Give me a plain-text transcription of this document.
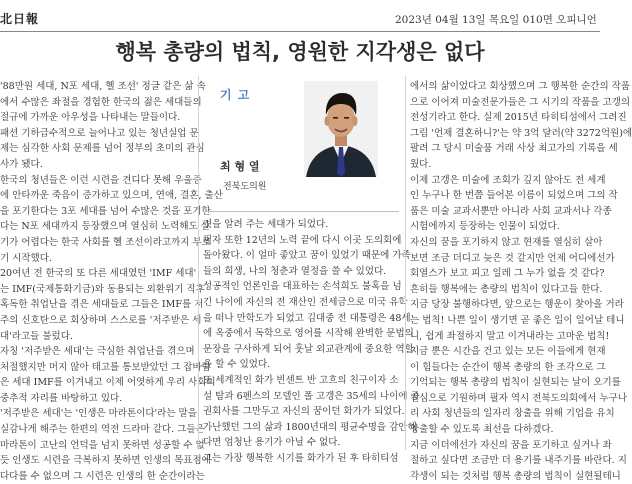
北日報	2023년 04월 13일 목요일 010면 오피니언
행복 총량의 법칙, 영원한 지각생은 없다

'88만원 세대, N포 세대, 헬 조선' 정글 같은 삶 속

에서 수많은 좌절을 경험한 한국의 젊은 세대들의

절규에 가까운 아우성을 나타내는 말들이다.

패션 기하급수적으로 늘어나고 있는 청년실업 문

제는 심각한 사회 문제를 넘어 정부의 초미의 관심

사가 됐다.

한국의 청년들은 이런 시련을 견디다 못해 우울증

에 안타까운 죽음이 증가하고 있으며, 연애, 결혼, 출산

을 포기한다는 3포 세대를 넘어 수많은 것을 포기한

다는 N포 세대까지 등장했으며 열심히 노력해도 살

기가 어렵다는 한국 사회를 헬 조선이라고까지 부르

기 시작했다.

20여년 전 한국의 또 다른 세대였던 'IMF 세대'

는 IMF(국제통화기금)와 동용되는 외환위기 직후

혹독한 취업난을 겪은 세대들로 그들은 IMF를 저

주의 신호탄으로 회상하며 스스로를 '저주받은 세

대'라고들 불렀다.

자칭 '저주받은 세대'는 극심한 취업난을 겪으며

처절했지만 머지 않아 태고를 통보받았던 그 잡바랍

은 세대 IMF를 이겨내고 이제 어엿하게 우리 사회의

중추적 자리를 바탕하고 있다.

'저주받은 세대'는 '인생은 마라톤이다'라는 말을

실감나게 해주는 한편의 역전 드라마 같다. 그들은

마라톤이 고난의 언덕을 넘지 못하면 성공할 수 없

듯 인생도 시련을 극복하지 못하면 인생의 목표점에

다다를 수 없으며 그 시련은 인생의 한 순간이라는

기 고
최 형 열
전북도의원

것을 알려 주는 세대가 되었다.

필자 또한 12년의 노력 끝에 다시 이곳 도의회에

돌아왔다. 이 얼마 좋았고 꿈이 있었기 때문에 가족

들의 희생, 나의 청춘과 열정을 쓸 수 있었다.

성공적인 언론인을 대표하는 손석희도 불혹을 넘

긴 나이에 자신의 전 재산인 전세금으로 미국 유학

을 떠나 만학도가 되었고 김대중 전 대통령은 48세

에 옥중에서 독학으로 영어를 시작해 완벽한 문법의

문장을 구사하게 되어 훗날 외교관계에 중요한 역할

을 할 수 있었다.

또 세계적인 화가 빈센트 반 고흐의 친구이자 소

설 탐과 6펜스의 모델인 폴 고갱은 35세의 나이에 증

권회사를 그만두고 자신의 꿈이던 화가가 되었다.

가난했던 그의 삶과 1800년대의 평균수명을 감안해

다면 엄청난 용기가 아닐 수 없다.

그는 가장 행복한 시기를 화가가 된 후 타히티섬

에서의 삶이었다고 회상했으며 그 행복한 순간의 작품

으로 이어져 미술전문가들은 그 시기의 작품을 고갱의

전성기라고 한다. 실제 2015년 타히티섬에서 그려진

그림 '언제 결혼하니?'는 약 3억 달러(약 3272억원)에

팔려 그 당시 미술품 거래 사상 최고가의 기록을 세

웠다.

이제 고갱은 미술에 조회가 깊지 않아도 전 세계

인 누구나 한 번쯤 들어본 이름이 되었으며 그의 작

품은 미술 교과서뿐만 아니라 사회 교과서나 각종

시험에까지 등장하는 인물이 되었다.

자신의 꿈을 포기하지 않고 현재를 열심히 살아

보면 조금 더디고 늦은 것 같지만 언제 어디에선가

회열스가 보고 피고 일레 그 누가 없을 것 같다?

흔히들 행복에는 총량의 법칙이 있다고들 한다.

지금 당장 불행하다면, 앞으로는 행운이 찾아올 거라

는 법칙! 나쁜 일이 생기면 곧 좋은 일이 일어날 테니

니, 쉽게 좌절하지 말고 이겨내라는 고마운 법칙!

지금 뿐은 시간을 건고 있는 모든 이들에게 현재

이 힘들다는 순간이 행복 총량의 한 조각으로 그

기억되는 행복 총량의 법칙이 실현되는 날이 오기를

진심으로 기원하며 필자 역시 전북도의회에서 누구나

리 사회 청년들의 일자리 창출을 위해 기업을 유치

창출할 수 있도록 최선을 다하겠다.

지금 이더에선가 자신의 꿈을 포기하고 싶거나 좌

절하고 싶다면 조금만 더 용기를 내주기를 바란다. 지

각생이 되는 것처럼 행복 총량의 법칙이 실현될테니
